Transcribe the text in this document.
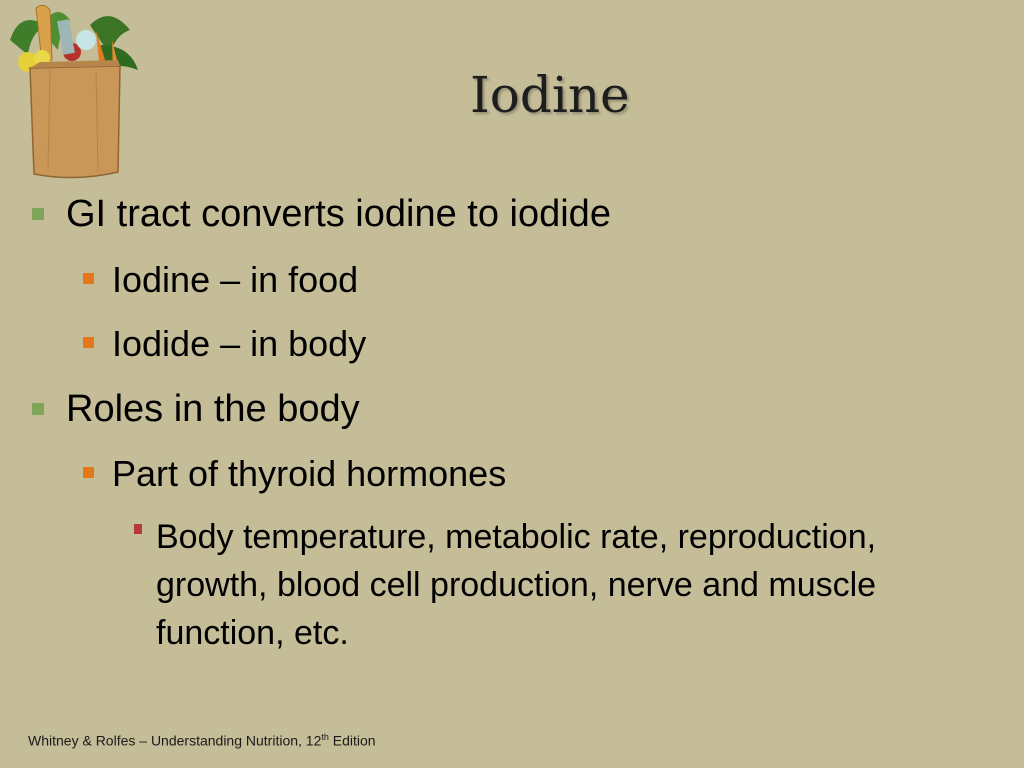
Iodine
GI tract converts iodine to iodide
Iodine – in food
Iodide – in body
Roles in the body
Part of thyroid hormones
Body temperature, metabolic rate, reproduction, growth, blood cell production, nerve and muscle function, etc.
Whitney & Rolfes – Understanding Nutrition, 12th Edition
